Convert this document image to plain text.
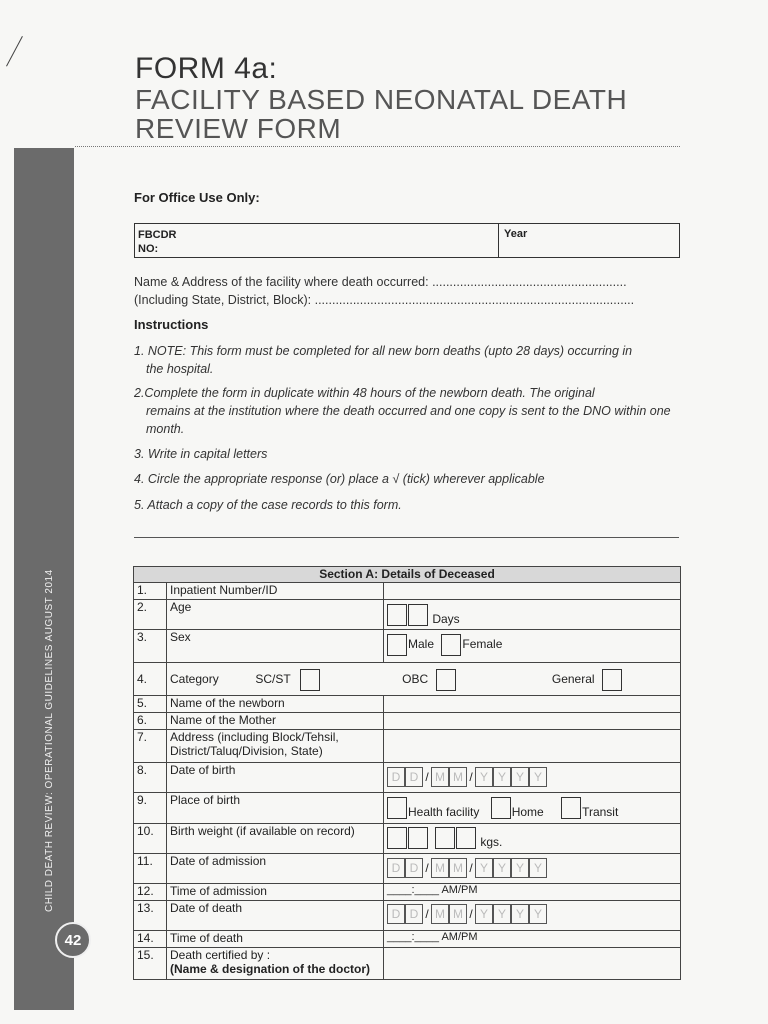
FORM 4a:
FACILITY BASED NEONATAL DEATH
REVIEW FORM
CHILD DEATH REVIEW: OPERATIONAL GUIDELINES AUGUST 2014
42
For Office Use Only:
FBCDR
NO:
Year
Name & Address of the facility where death occurred: ........................................................
(Including State, District, Block): ............................................................................................
Instructions
1. NOTE: This form must be completed for all new born deaths (upto 28 days) occurring in
the hospital.
2.Complete the form in duplicate within 48 hours of the newborn death. The original
remains at the institution where the death occurred and one copy is sent to the DNO within one month.
3. Write in capital letters
4. Circle the appropriate response (or) place a √ (tick) wherever applicable
5. Attach a copy of the case records to this form.
Section A: Details of Deceased		
1.	Inpatient Number/ID	
2.	Age	Days
3.	Sex	Male Female
4.	Category SC/ST OBC General	
5.	Name of the newborn	
6.	Name of the Mother	
7.	Address (including Block/Tehsil, District/Taluq/Division, State)	
8.	Date of birth	D D / M M / Y Y Y Y
9.	Place of birth	Health facility Home Transit
10.	Birth weight (if available on record)	kgs.
11.	Date of admission	D D / M M / Y Y Y Y
12.	Time of admission	____:____ AM/PM
13.	Date of death	D D / M M / Y Y Y Y
14.	Time of death	____:____ AM/PM
15.	Death certified by :
(Name & designation of the doctor)	
